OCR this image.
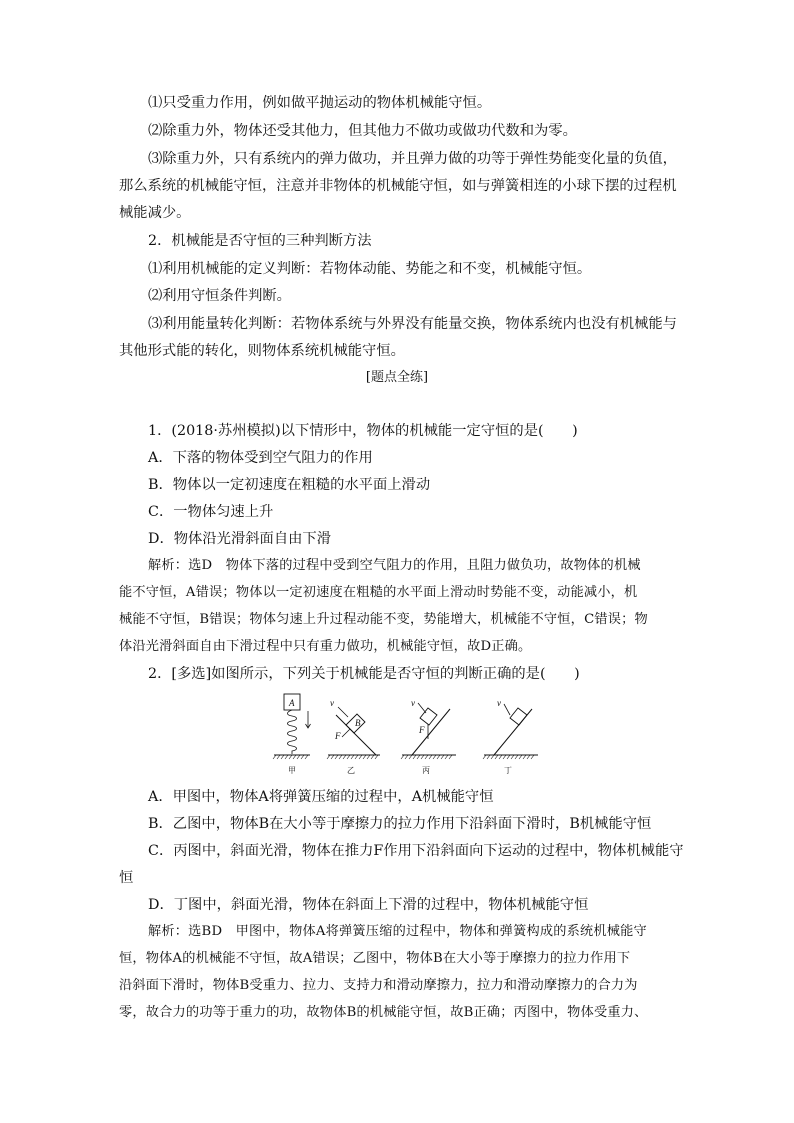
⑴只受重力作用，例如做平抛运动的物体机械能守恒。
⑵除重力外，物体还受其他力，但其他力不做功或做功代数和为零。
⑶除重力外，只有系统内的弹力做功，并且弹力做的功等于弹性势能变化量的负值，
那么系统的机械能守恒，注意并非物体的机械能守恒，如与弹簧相连的小球下摆的过程机
械能减少。
2．机械能是否守恒的三种判断方法
⑴利用机械能的定义判断：若物体动能、势能之和不变，机械能守恒。
⑵利用守恒条件判断。
⑶利用能量转化判断：若物体系统与外界没有能量交换，物体系统内也没有机械能与
其他形式能的转化，则物体系统机械能守恒。
[题点全练]
1．(2018·苏州模拟)以下情形中，物体的机械能一定守恒的是(　　)
A．下落的物体受到空气阻力的作用
B．物体以一定初速度在粗糙的水平面上滑动
C．一物体匀速上升
D．物体沿光滑斜面自由下滑
解析：选D　物体下落的过程中受到空气阻力的作用，且阻力做负功，故物体的机械
能不守恒，A错误；物体以一定初速度在粗糙的水平面上滑动时势能不变，动能减小，机
械能不守恒，B错误；物体匀速上升过程动能不变，势能增大，机械能不守恒，C错误；物
体沿光滑斜面自由下滑过程中只有重力做功，机械能守恒，故D正确。
2．[多选]如图所示，下列关于机械能是否守恒的判断正确的是(　　)
A
甲
B
v
F
乙
v
F
丙
v
丁
A．甲图中，物体A将弹簧压缩的过程中，A机械能守恒
B．乙图中，物体B在大小等于摩擦力的拉力作用下沿斜面下滑时，B机械能守恒
C．丙图中，斜面光滑，物体在推力F作用下沿斜面向下运动的过程中，物体机械能守
恒
D．丁图中，斜面光滑，物体在斜面上下滑的过程中，物体机械能守恒
解析：选BD　甲图中，物体A将弹簧压缩的过程中，物体和弹簧构成的系统机械能守
恒，物体A的机械能不守恒，故A错误；乙图中，物体B在大小等于摩擦力的拉力作用下
沿斜面下滑时，物体B受重力、拉力、支持力和滑动摩擦力，拉力和滑动摩擦力的合力为
零，故合力的功等于重力的功，故物体B的机械能守恒，故B正确；丙图中，物体受重力、
